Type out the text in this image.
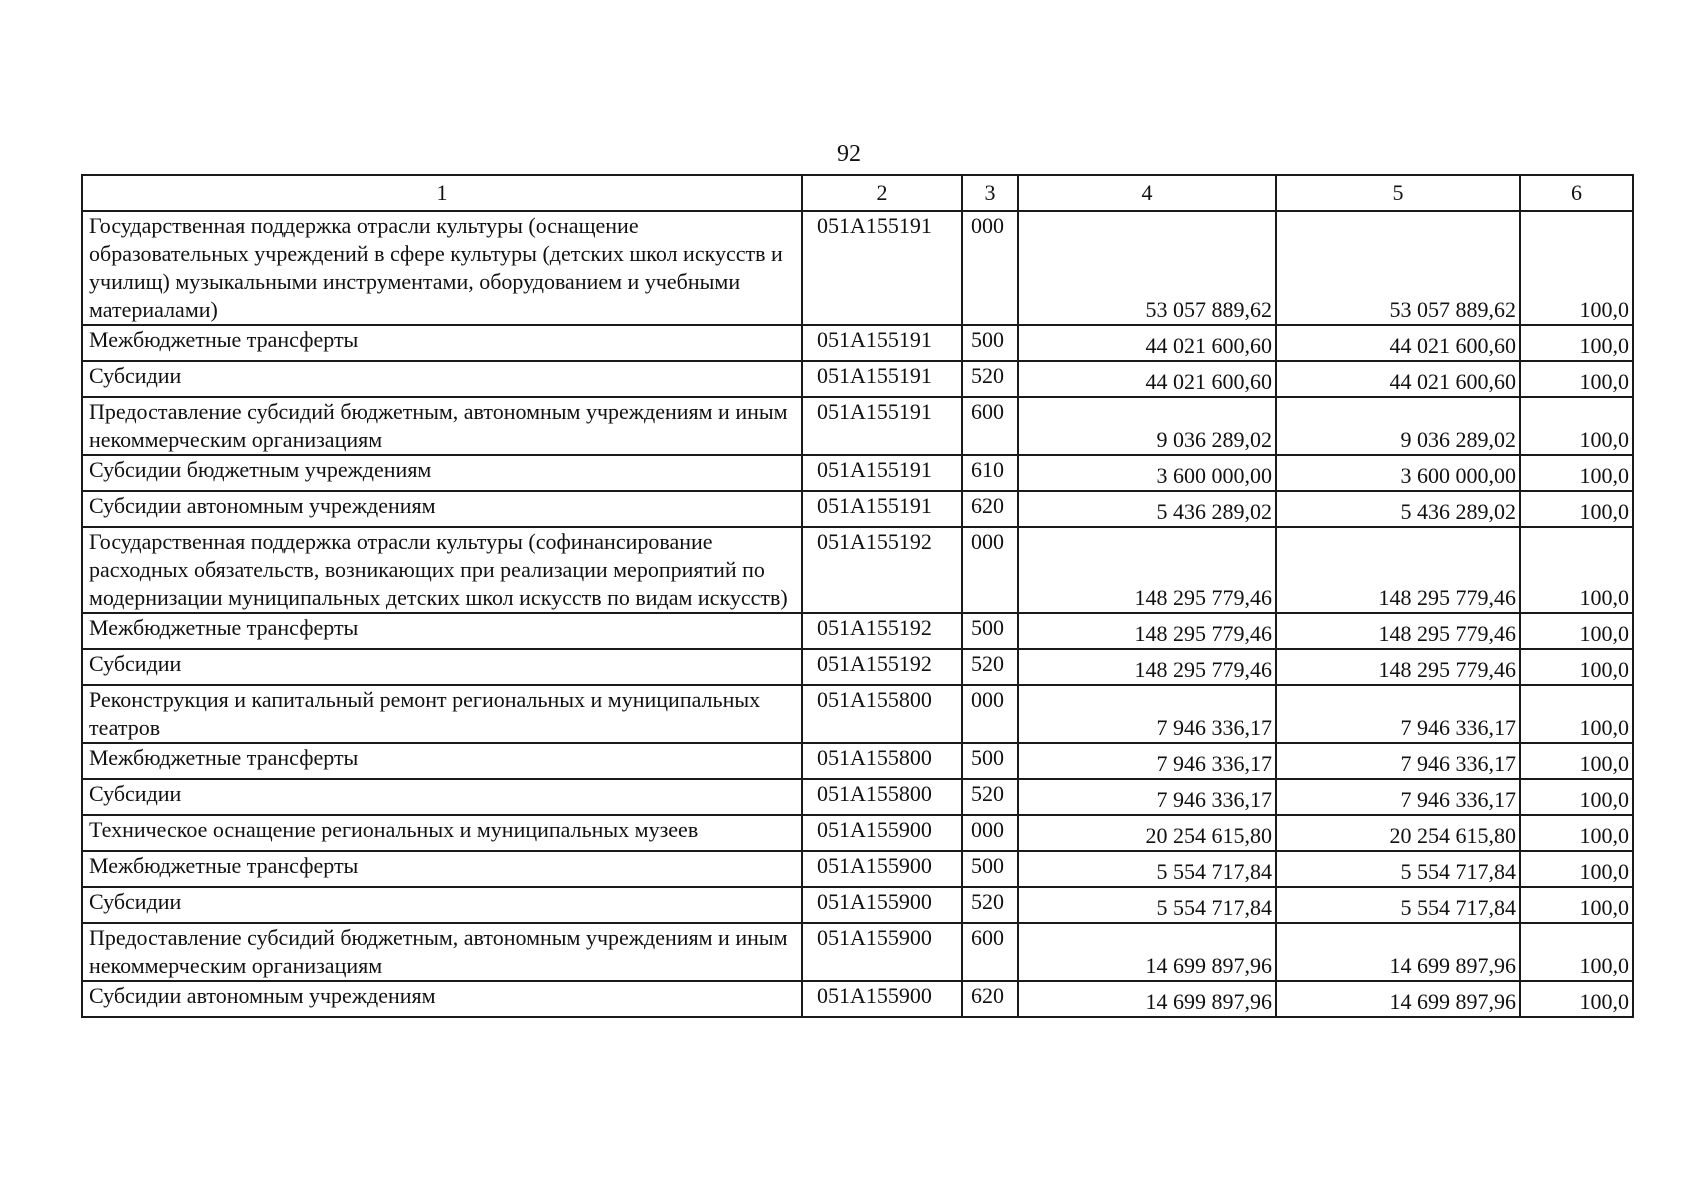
92
1	2	3	4	5	6
Государственная поддержка отрасли культуры (оснащение образовательных учреждений в сфере культуры (детских школ искусств и училищ) музыкальными инструментами, оборудованием и учебными материалами)	051A155191	000	53 057 889,62	53 057 889,62	100,0
Межбюджетные трансферты	051A155191	500	44 021 600,60	44 021 600,60	100,0
Субсидии	051A155191	520	44 021 600,60	44 021 600,60	100,0
Предоставление субсидий бюджетным, автономным учреждениям и иным некоммерческим организациям	051A155191	600	9 036 289,02	9 036 289,02	100,0
Субсидии бюджетным учреждениям	051A155191	610	3 600 000,00	3 600 000,00	100,0
Субсидии автономным учреждениям	051A155191	620	5 436 289,02	5 436 289,02	100,0
Государственная поддержка отрасли культуры (софинансирование расходных обязательств, возникающих при реализации мероприятий по модернизации муниципальных детских школ искусств по видам искусств)	051A155192	000	148 295 779,46	148 295 779,46	100,0
Межбюджетные трансферты	051A155192	500	148 295 779,46	148 295 779,46	100,0
Субсидии	051A155192	520	148 295 779,46	148 295 779,46	100,0
Реконструкция и капитальный ремонт региональных и муниципальных театров	051A155800	000	7 946 336,17	7 946 336,17	100,0
Межбюджетные трансферты	051A155800	500	7 946 336,17	7 946 336,17	100,0
Субсидии	051A155800	520	7 946 336,17	7 946 336,17	100,0
Техническое оснащение региональных и муниципальных музеев	051A155900	000	20 254 615,80	20 254 615,80	100,0
Межбюджетные трансферты	051A155900	500	5 554 717,84	5 554 717,84	100,0
Субсидии	051A155900	520	5 554 717,84	5 554 717,84	100,0
Предоставление субсидий бюджетным, автономным учреждениям и иным некоммерческим организациям	051A155900	600	14 699 897,96	14 699 897,96	100,0
Субсидии автономным учреждениям	051A155900	620	14 699 897,96	14 699 897,96	100,0
